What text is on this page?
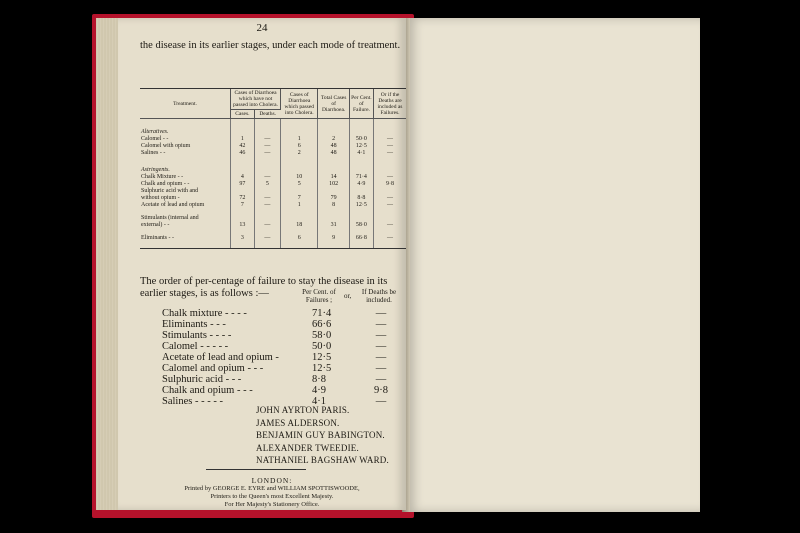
24
the disease in its earlier stages, under each mode of treatment.
Treatment.	Cases of Diarrhoea which have not passed into Cholera.		Cases of Diarrhoea which passed into Cholera.	Total Cases of Diarrhoea.	Per Cent. of Failure.	Or if the Deaths are included as Failures.
	Cases.	Deaths.				

Alteratives.						
Calomel - -	1	—	1	2	50·0	—
Calomel with opium	42	—	6	48	12·5	—
Salines - -	46	—	2	48	4·1	—

Astringents.						
Chalk Mixture - -	4	—	10	14	71·4	—
Chalk and opium - -	97	5	5	102	4·9	9·8
Sulphuric acid with and						
without opium -	72	—	7	79	8·8	—
Acetate of lead and opium	7	—	1	8	12·5	—

Stimulants (internal and						
external) - -	13	—	18	31	58·0	—

Eliminants - -	3	—	6	9	66·8	—

The order of per-centage of failure to stay the disease in its earlier stages, is as follows :—	Per Cent. of Failures ;	or,	If Deaths be included.
Chalk mixture - - - -	71·4	—
Eliminants - - -	66·6	—
Stimulants - - - -	58·0	—
Calomel - - - - -	50·0	—
Acetate of lead and opium -	12·5	—
Calomel and opium - - -	12·5	—
Sulphuric acid - - -	8·8	—
Chalk and opium - - -	4·9	9·8
Salines - - - - -	4·1	—
JOHN AYRTON PARIS.
JAMES ALDERSON.
BENJAMIN GUY BABINGTON.
ALEXANDER TWEEDIE.
NATHANIEL BAGSHAW WARD.
LONDON:
Printed by GEORGE E. EYRE and WILLIAM SPOTTISWOODE,
Printers to the Queen's most Excellent Majesty.
For Her Majesty's Stationery Office.
